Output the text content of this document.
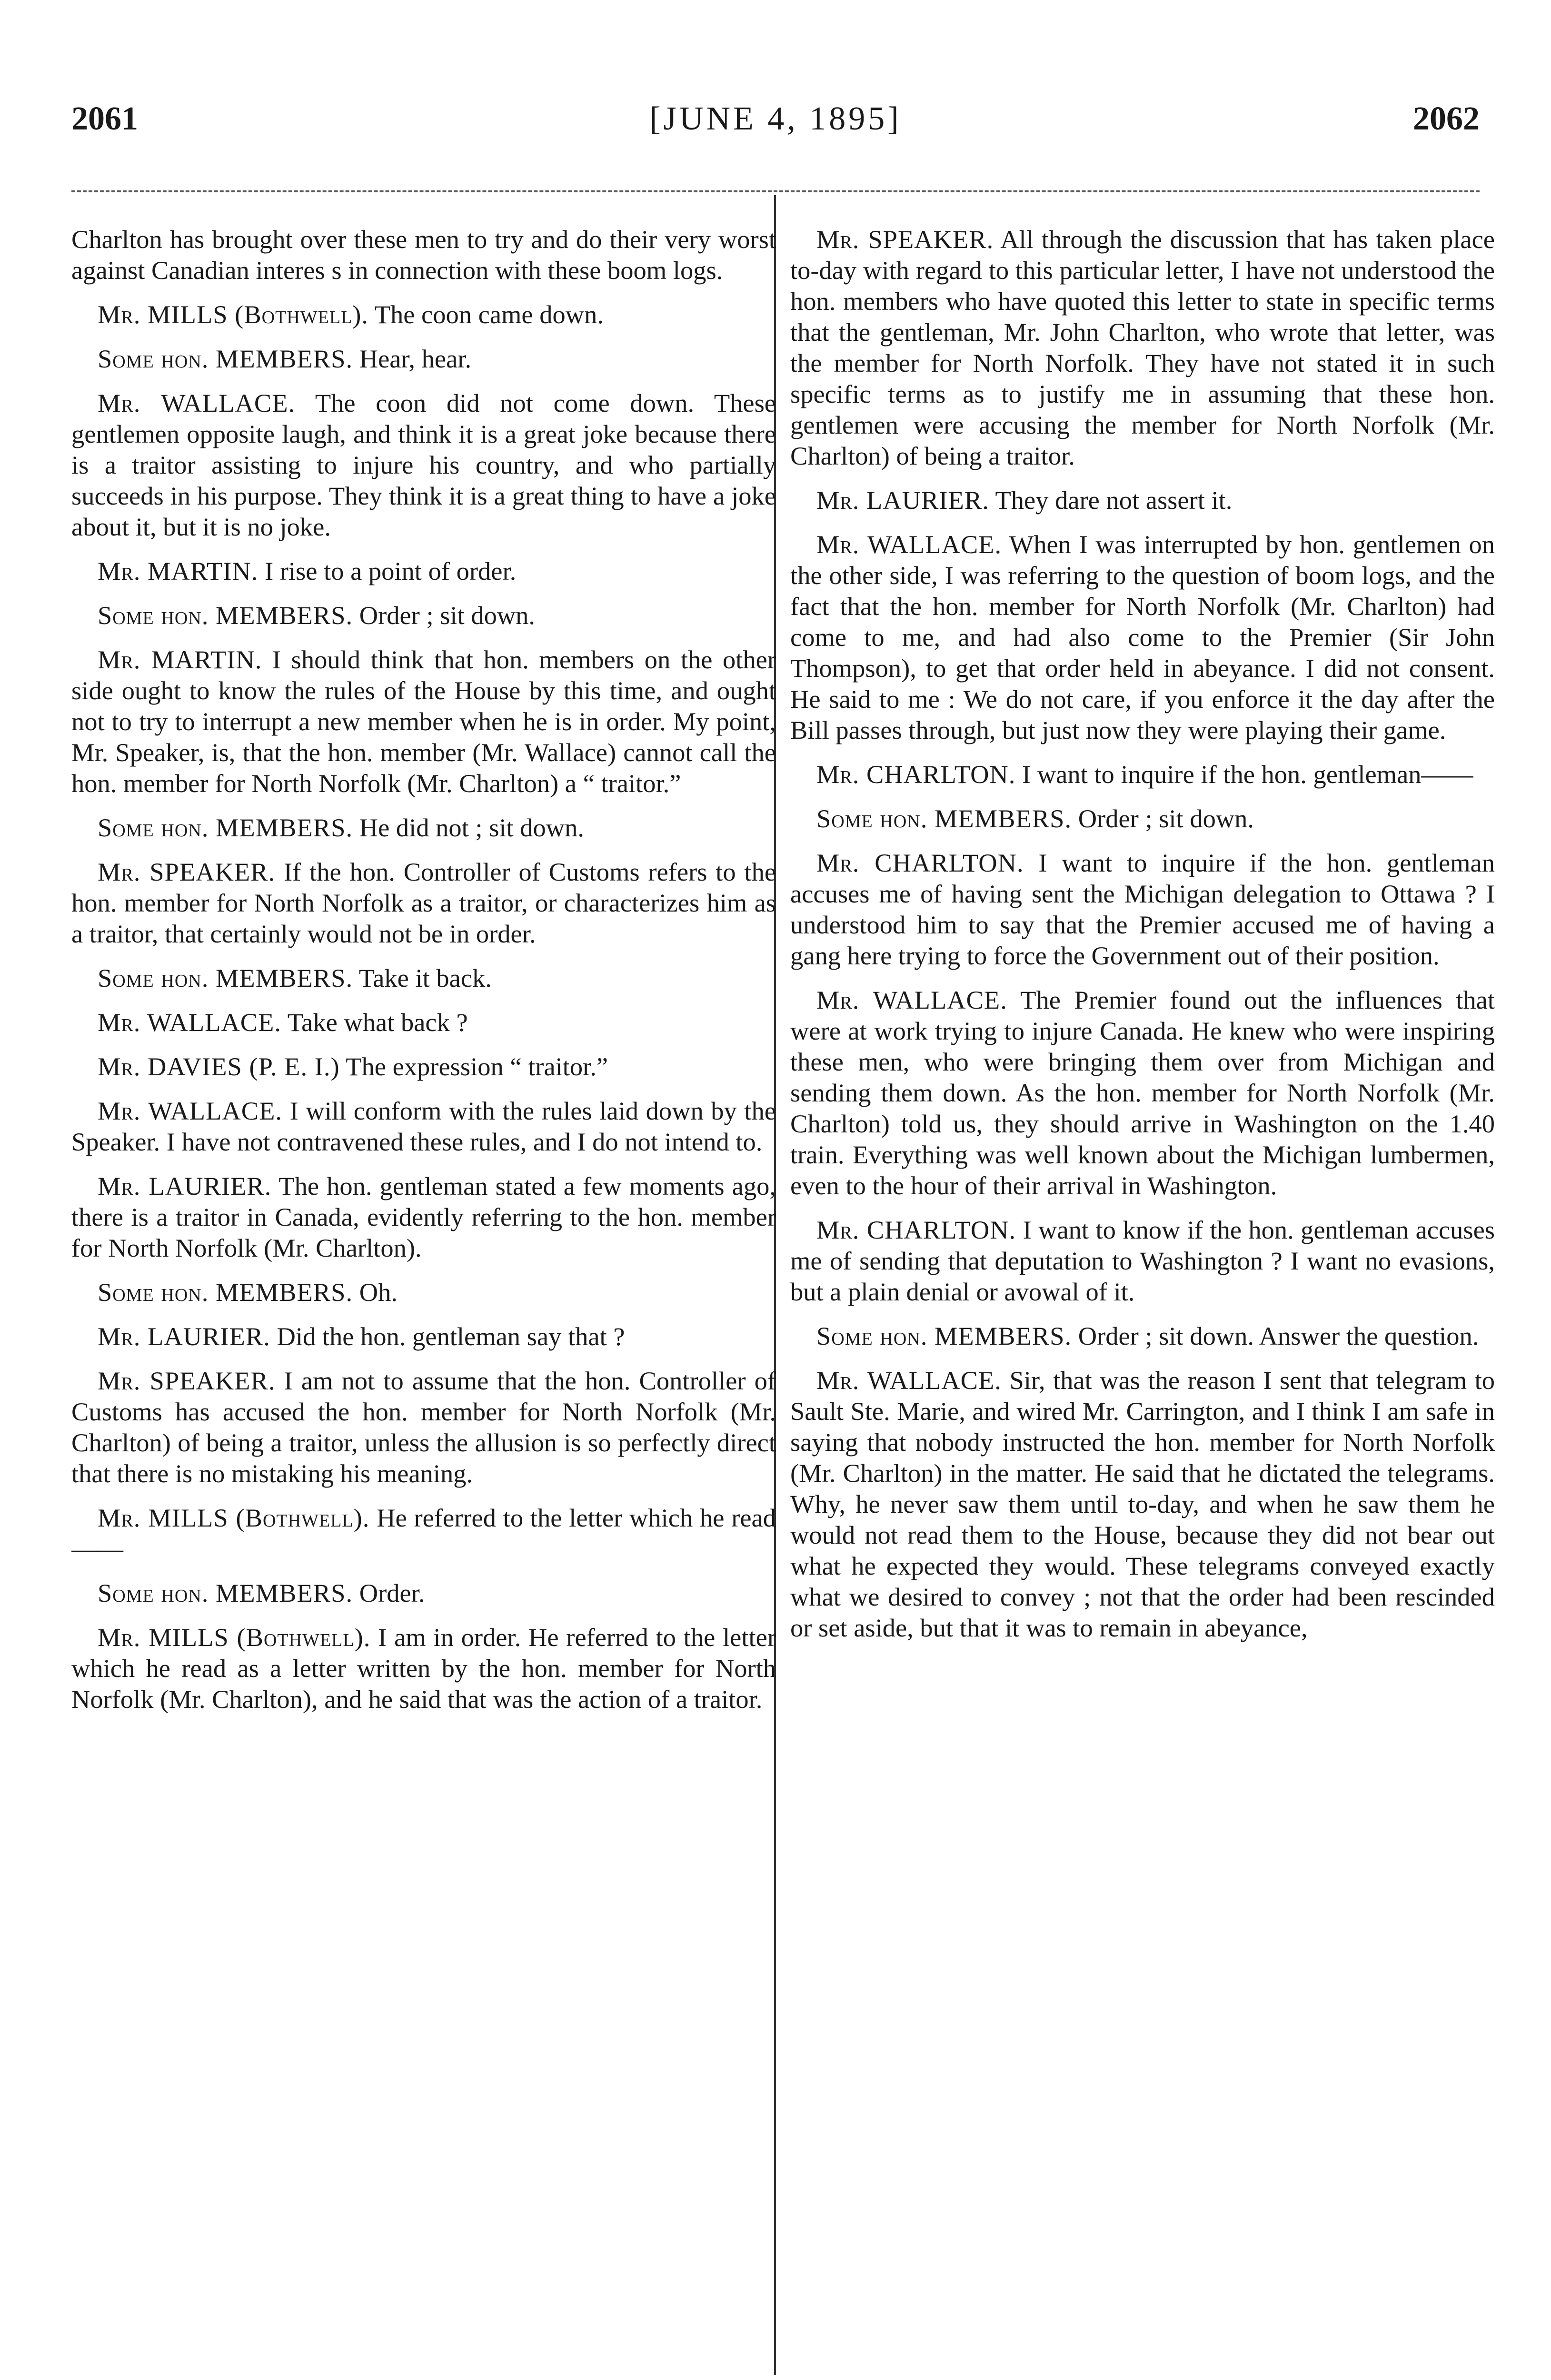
2061	[JUNE 4, 1895]	2062

Charlton has brought over these men to try and do their very worst against Canadian interes s in connection with these boom logs.

Mr. MILLS (Bothwell). The coon came down.

Some hon. MEMBERS. Hear, hear.

Mr. WALLACE. The coon did not come down. These gentlemen opposite laugh, and think it is a great joke because there is a traitor assisting to injure his country, and who partially succeeds in his purpose. They think it is a great thing to have a joke about it, but it is no joke.

Mr. MARTIN. I rise to a point of order.

Some hon. MEMBERS. Order ; sit down.

Mr. MARTIN. I should think that hon. members on the other side ought to know the rules of the House by this time, and ought not to try to interrupt a new member when he is in order. My point, Mr. Speaker, is, that the hon. member (Mr. Wallace) cannot call the hon. member for North Norfolk (Mr. Charlton) a “ traitor.”

Some hon. MEMBERS. He did not ; sit down.

Mr. SPEAKER. If the hon. Controller of Customs refers to the hon. member for North Norfolk as a traitor, or characterizes him as a traitor, that certainly would not be in order.

Some hon. MEMBERS. Take it back.

Mr. WALLACE. Take what back ?

Mr. DAVIES (P. E. I.) The expression “ traitor.”

Mr. WALLACE. I will conform with the rules laid down by the Speaker. I have not contravened these rules, and I do not intend to.

Mr. LAURIER. The hon. gentleman stated a few moments ago, there is a traitor in Canada, evidently referring to the hon. member for North Norfolk (Mr. Charlton).

Some hon. MEMBERS. Oh.

Mr. LAURIER. Did the hon. gentleman say that ?

Mr. SPEAKER. I am not to assume that the hon. Controller of Customs has accused the hon. member for North Norfolk (Mr. Charlton) of being a traitor, unless the allusion is so perfectly direct that there is no mistaking his meaning.

Mr. MILLS (Bothwell). He referred to the letter which he read——

Some hon. MEMBERS. Order.

Mr. MILLS (Bothwell). I am in order. He referred to the letter which he read as a letter written by the hon. member for North Norfolk (Mr. Charlton), and he said that was the action of a traitor.

Mr. SPEAKER. All through the discussion that has taken place to-day with regard to this particular letter, I have not understood the hon. members who have quoted this letter to state in specific terms that the gentleman, Mr. John Charlton, who wrote that letter, was the member for North Norfolk. They have not stated it in such specific terms as to justify me in assuming that these hon. gentlemen were accusing the member for North Norfolk (Mr. Charlton) of being a traitor.

Mr. LAURIER. They dare not assert it.

Mr. WALLACE. When I was interrupted by hon. gentlemen on the other side, I was referring to the question of boom logs, and the fact that the hon. member for North Norfolk (Mr. Charlton) had come to me, and had also come to the Premier (Sir John Thompson), to get that order held in abeyance. I did not consent. He said to me : We do not care, if you enforce it the day after the Bill passes through, but just now they were playing their game.

Mr. CHARLTON. I want to inquire if the hon. gentleman——

Some hon. MEMBERS. Order ; sit down.

Mr. CHARLTON. I want to inquire if the hon. gentleman accuses me of having sent the Michigan delegation to Ottawa ? I understood him to say that the Premier accused me of having a gang here trying to force the Government out of their position.

Mr. WALLACE. The Premier found out the influences that were at work trying to injure Canada. He knew who were inspiring these men, who were bringing them over from Michigan and sending them down. As the hon. member for North Norfolk (Mr. Charlton) told us, they should arrive in Washington on the 1.40 train. Everything was well known about the Michigan lumbermen, even to the hour of their arrival in Washington.

Mr. CHARLTON. I want to know if the hon. gentleman accuses me of sending that deputation to Washington ? I want no evasions, but a plain denial or avowal of it.

Some hon. MEMBERS. Order ; sit down. Answer the question.

Mr. WALLACE. Sir, that was the reason I sent that telegram to Sault Ste. Marie, and wired Mr. Carrington, and I think I am safe in saying that nobody instructed the hon. member for North Norfolk (Mr. Charlton) in the matter. He said that he dictated the telegrams. Why, he never saw them until to-day, and when he saw them he would not read them to the House, because they did not bear out what he expected they would. These telegrams conveyed exactly what we desired to convey ; not that the order had been rescinded or set aside, but that it was to remain in abeyance,
